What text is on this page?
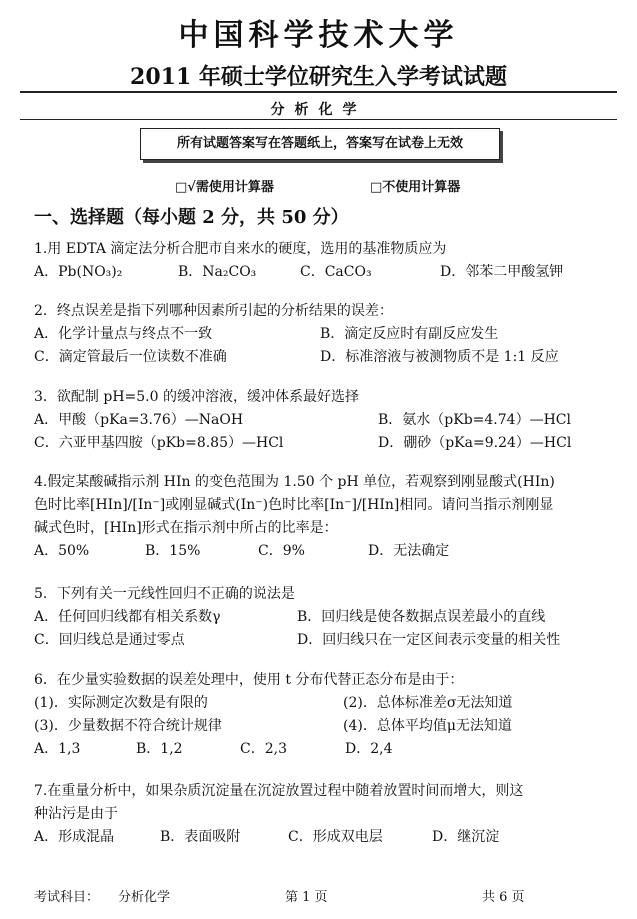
中国科学技术大学
2011 年硕士学位研究生入学考试试题
分析化学
所有试题答案写在答题纸上，答案写在试卷上无效
□√需使用计算器	□不使用计算器
一、选择题（每小题 2 分，共 50 分）
1.用 EDTA 滴定法分析合肥市自来水的硬度，选用的基准物质应为
A．Pb(NO₃)₂	B．Na₂CO₃	C．CaCO₃	D．邻苯二甲酸氢钾
2．终点误差是指下列哪种因素所引起的分析结果的误差：
A．化学计量点与终点不一致	B．滴定反应时有副反应发生
C．滴定管最后一位读数不准确	D．标准溶液与被测物质不是 1:1 反应
3．欲配制 pH=5.0 的缓冲溶液，缓冲体系最好选择
A．甲酸（pKa=3.76）—NaOH	B．氨水（pKb=4.74）—HCl
C．六亚甲基四胺（pKb=8.85）—HCl	D．硼砂（pKa=9.24）—HCl
4.假定某酸碱指示剂 HIn 的变色范围为 1.50 个 pH 单位，若观察到刚显酸式(HIn)
色时比率[HIn]/[In⁻]或刚显碱式(In⁻)色时比率[In⁻]/[HIn]相同。请问当指示剂刚显
碱式色时，[HIn]形式在指示剂中所占的比率是：
A．50%	B．15%	C．9%	D．无法确定
5．下列有关一元线性回归不正确的说法是
A．任何回归线都有相关系数γ	B．回归线是使各数据点误差最小的直线
C．回归线总是通过零点	D．回归线只在一定区间表示变量的相关性
6．在少量实验数据的误差处理中，使用 t 分布代替正态分布是由于：
(1)．实际测定次数是有限的	(2)．总体标准差σ无法知道
(3)．少量数据不符合统计规律	(4)．总体平均值μ无法知道
A．1,3	B．1,2	C．2,3	D．2,4
7.在重量分析中，如果杂质沉淀量在沉淀放置过程中随着放置时间而增大，则这
种沾污是由于
A．形成混晶	B．表面吸附	C．形成双电层	D．继沉淀
考试科目： 分析化学	第 1 页	共 6 页
